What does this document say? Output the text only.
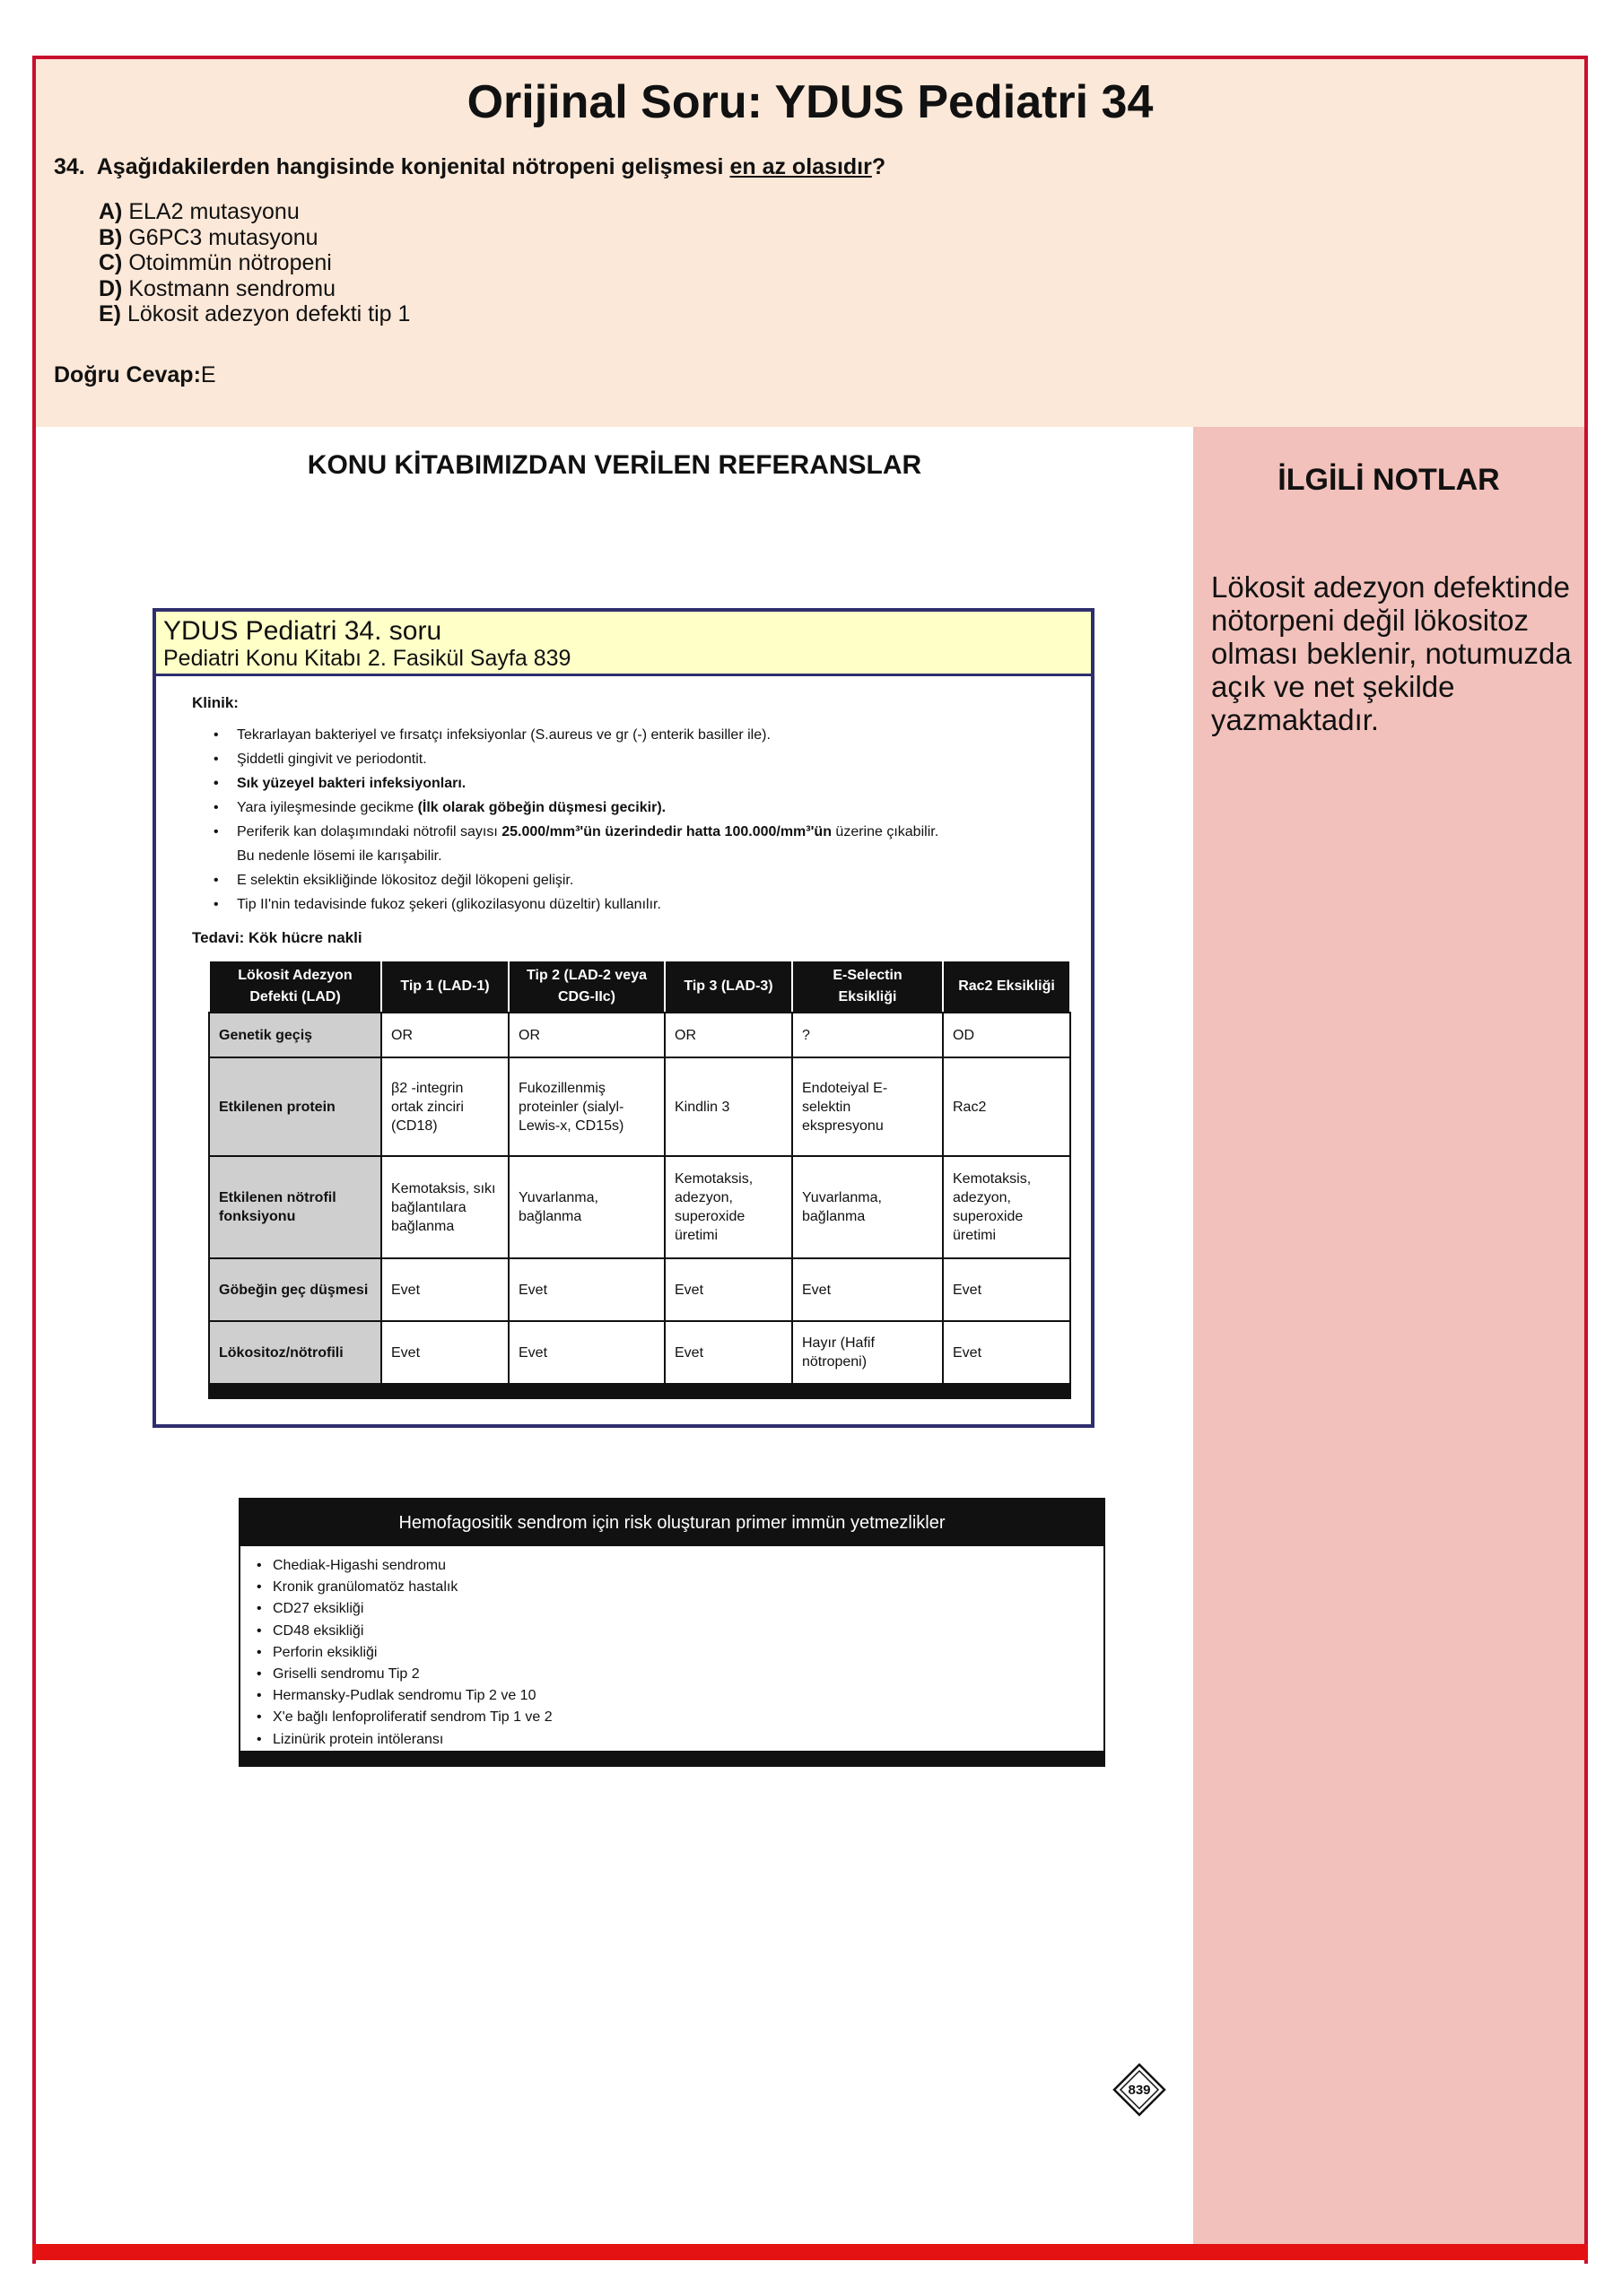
Orijinal Soru: YDUS Pediatri 34
34. Aşağıdakilerden hangisinde konjenital nötropeni gelişmesi en az olasıdır?
A) ELA2 mutasyonu
B) G6PC3 mutasyonu
C) Otoimmün nötropeni
D) Kostmann sendromu
E) Lökosit adezyon defekti tip 1
Doğru Cevap:E
KONU KİTABIMIZDAN VERİLEN REFERANSLAR	İLGİLİ NOTLAR
Lökosit adezyon defektinde nötorpeni değil lökositoz olması beklenir, notumuzda açık ve net şekilde yazmaktadır.
YDUS Pediatri 34. soru
Pediatri Konu Kitabı 2. Fasikül Sayfa 839
Klinik:
• Tekrarlayan bakteriyel ve fırsatçı infeksiyonlar (S.aureus ve gr (-) enterik basiller ile).
• Şiddetli gingivit ve periodontit.
• Sık yüzeyel bakteri infeksiyonları.
• Yara iyileşmesinde gecikme (İlk olarak göbeğin düşmesi gecikir).
• Periferik kan dolaşımındaki nötrofil sayısı 25.000/mm³'ün üzerindedir hatta 100.000/mm³'ün üzerine çıkabilir.
Bu nedenle lösemi ile karışabilir.
• E selektin eksikliğinde lökositoz değil lökopeni gelişir.
• Tip II'nin tedavisinde fukoz şekeri (glikozilasyonu düzeltir) kullanılır.
Tedavi: Kök hücre nakli
Lökosit Adezyon Defekti (LAD)	Tip 1 (LAD-1)	Tip 2 (LAD-2 veya CDG-IIc)	Tip 3 (LAD-3)	E-Selectin Eksikliği	Rac2 Eksikliği
Genetik geçiş	OR	OR	OR	?	OD
Etkilenen protein	β2 -integrin ortak zinciri (CD18)	Fukozillenmiş proteinler (sialyl-Lewis-x, CD15s)	Kindlin 3	Endoteiyal E-selektin ekspresyonu	Rac2
Etkilenen nötrofil fonksiyonu	Kemotaksis, sıkı bağlantılara bağlanma	Yuvarlanma, bağlanma	Kemotaksis, adezyon, superoxide üretimi	Yuvarlanma, bağlanma	Kemotaksis, adezyon, superoxide üretimi
Göbeğin geç düşmesi	Evet	Evet	Evet	Evet	Evet
Lökositoz/nötrofili	Evet	Evet	Evet	Hayır (Hafif nötropeni)	Evet

Hemofagositik sendrom için risk oluşturan primer immün yetmezlikler
• Chediak-Higashi sendromu
• Kronik granülomatöz hastalık
• CD27 eksikliği
• CD48 eksikliği
• Perforin eksikliği
• Griselli sendromu Tip 2
• Hermansky-Pudlak sendromu Tip 2 ve 10
• X'e bağlı lenfoproliferatif sendrom Tip 1 ve 2
• Lizinürik protein intöleransı
839
